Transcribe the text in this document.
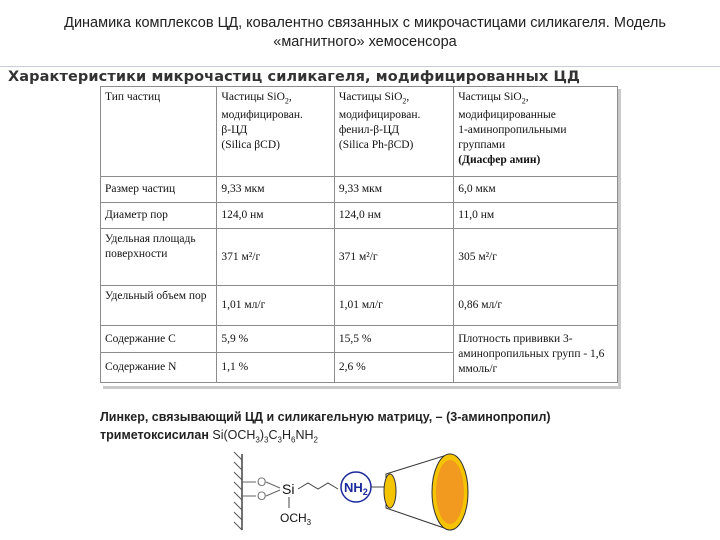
Динамика комплексов ЦД, ковалентно связанных с микрочастицами силикагеля. Модель «магнитного» хемосенсора
Характеристики микрочастиц силикагеля, модифицированных ЦД
Тип частиц	Частицы SiO$_2$,
модифицирован.
β-ЦД
(Silica βCD)	Частицы SiO$_2$,
модифицирован.
фенил-β-ЦД
(Silica Ph-βCD)	Частицы SiO$_2$,
модифицированные
1-аминопропильными
группами
(Диасфер амин)
Размер частиц	9,33 мкм	9,33 мкм	6,0 мкм
Диаметр пор	124,0 нм	124,0 нм	11,0 нм
Удельная площадь поверхности	371 м²/г	371 м²/г	305 м²/г
Удельный объем пор	1,01 мл/г	1,01 мл/г	0,86 мл/г
Содержание C	5,9 %	15,5 %	Плотность прививки 3-аминопропильных групп - 1,6 ммоль/г
Содержание N	1,1 %	2,6 %	
Линкер, связывающий ЦД и силикагельную матрицу, – (3-аминопропил) триметоксисилан $Si(OCH_3)_3C_3H_6NH_2$
O
O Si
$OCH_3$
$NH_2$
